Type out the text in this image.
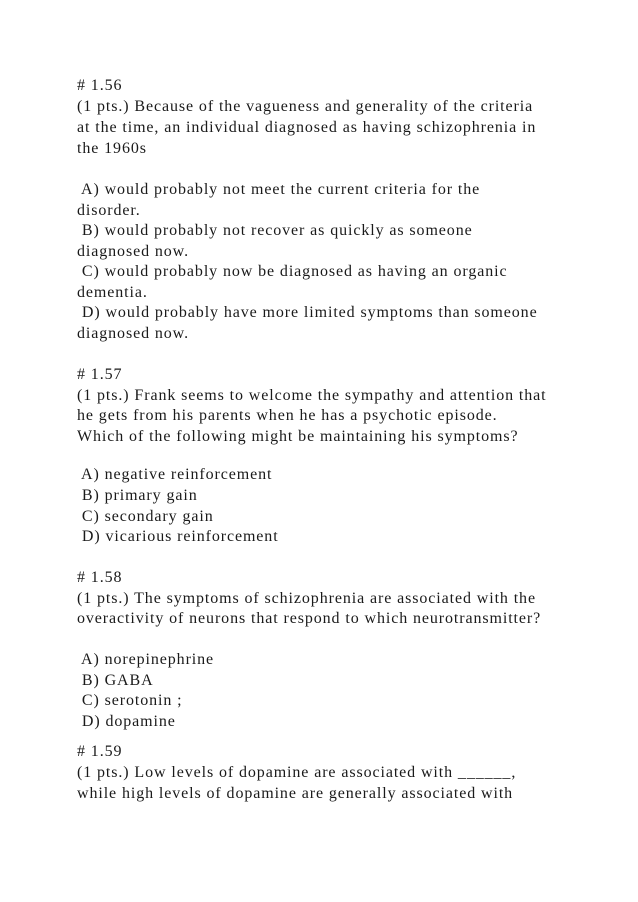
# 1.56

(1 pts.) Because of the vagueness and generality of the criteria

at the time, an individual diagnosed as having schizophrenia in

the 1960s

A) would probably not meet the current criteria for the

disorder.

B) would probably not recover as quickly as someone

diagnosed now.

C) would probably now be diagnosed as having an organic

dementia.

D) would probably have more limited symptoms than someone

diagnosed now.

# 1.57

(1 pts.) Frank seems to welcome the sympathy and attention that

he gets from his parents when he has a psychotic episode.

Which of the following might be maintaining his symptoms?

A) negative reinforcement

B) primary gain

C) secondary gain

D) vicarious reinforcement

# 1.58

(1 pts.) The symptoms of schizophrenia are associated with the

overactivity of neurons that respond to which neurotransmitter?

A) norepinephrine

B) GABA

C) serotonin ;

D) dopamine

# 1.59

(1 pts.) Low levels of dopamine are associated with ______,

while high levels of dopamine are generally associated with
